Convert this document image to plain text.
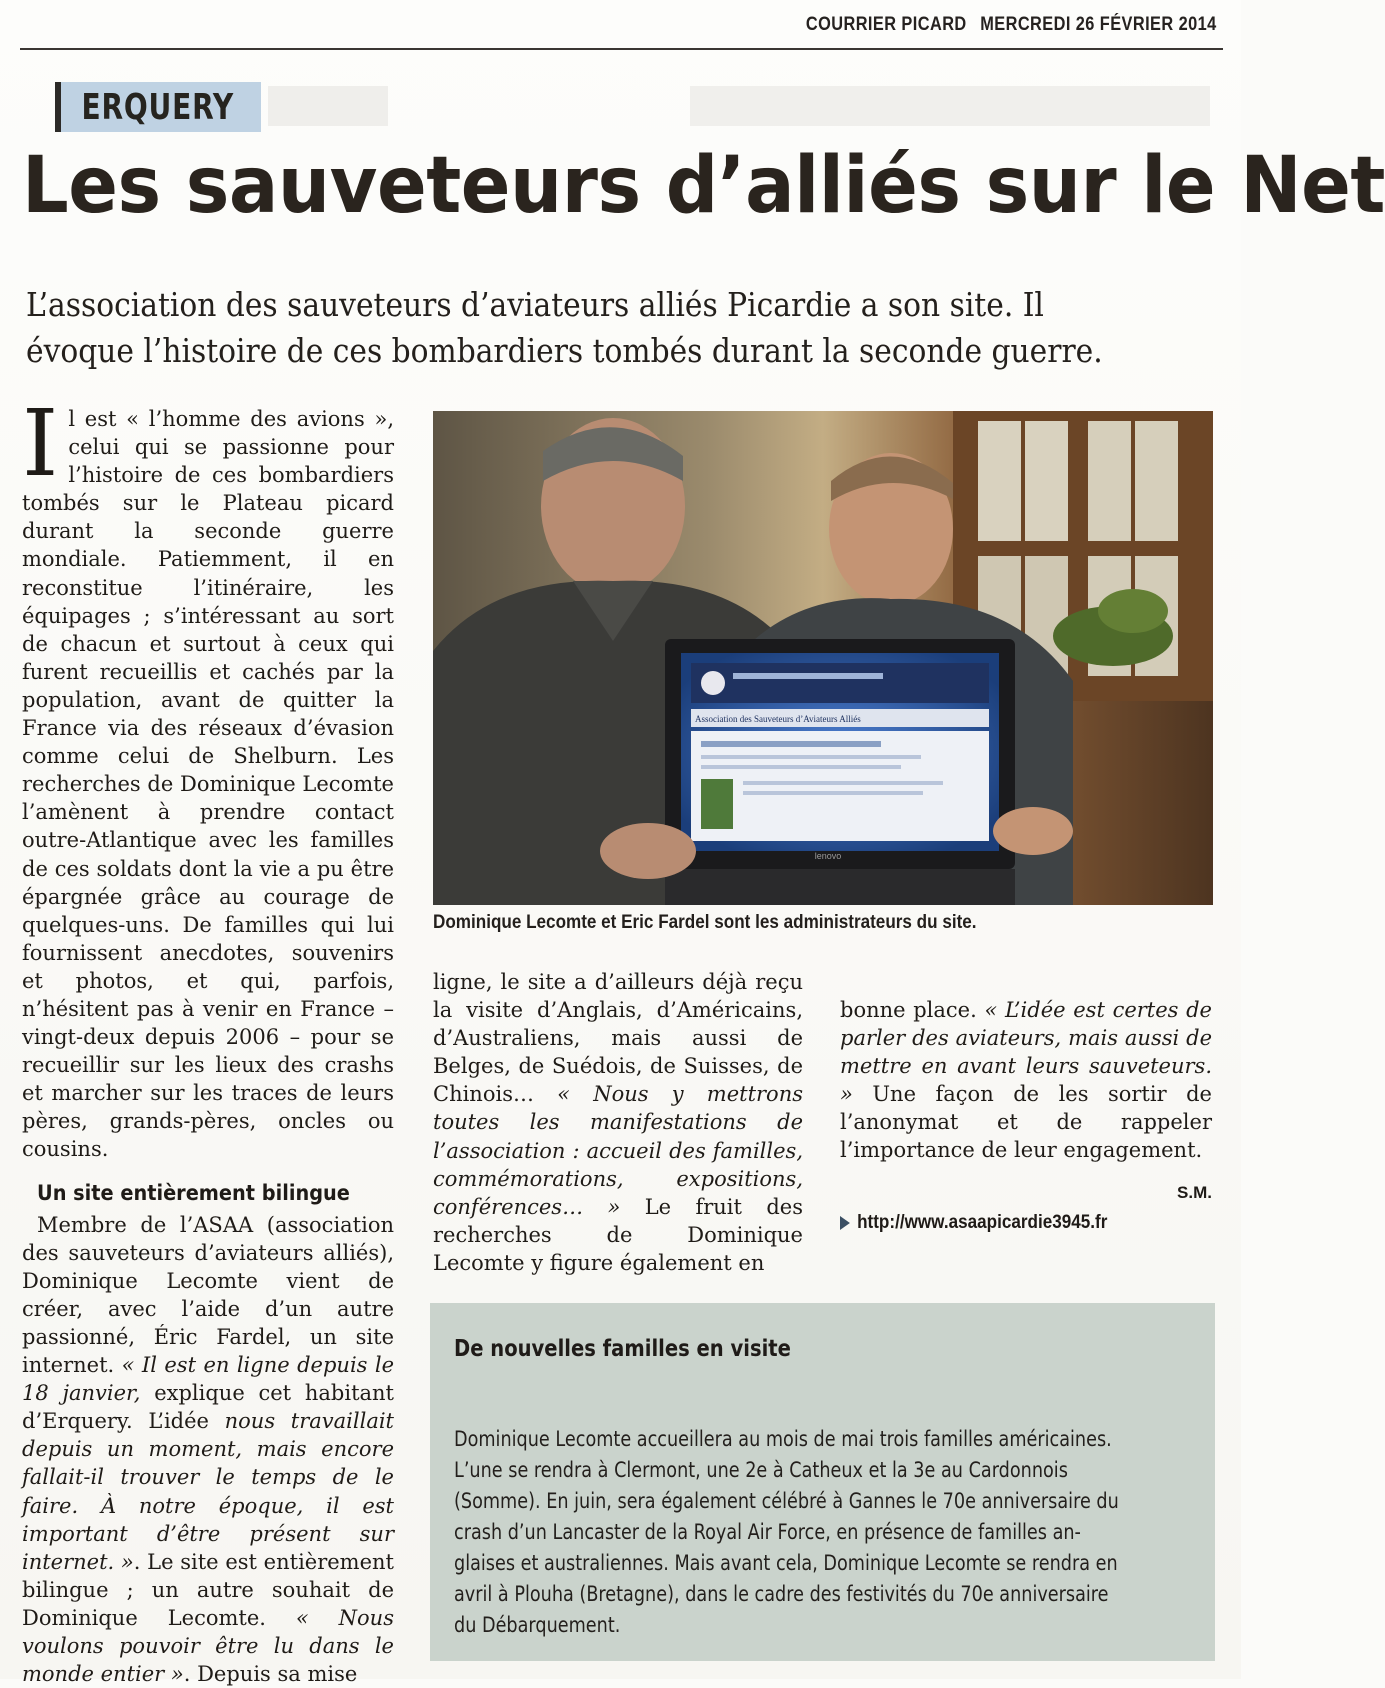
COURRIER PICARD MERCREDI 26 FÉVRIER 2014
ERQUERY
Les sauveteurs d’alliés sur le Net

L’association des sauveteurs d’aviateurs alliés Picardie a son site. Il

évoque l’histoire de ces bombardiers tombés durant la seconde guerre.

Il est « l’homme des avions », celui qui se passionne pour l’histoire de ces bombardiers tombés sur le Plateau picard durant la seconde guerre mondiale. Patiemment, il en reconstitue l’itinéraire, les équipages ; s’intéressant au sort de chacun et surtout à ceux qui furent recueillis et cachés par la population, avant de quitter la France via des réseaux d’évasion comme celui de Shelburn. Les recherches de Dominique Lecomte l’amènent à prendre contact outre-Atlantique avec les familles de ces soldats dont la vie a pu être épargnée grâce au courage de quelques-uns. De familles qui lui fournissent anecdotes, souvenirs et photos, et qui, parfois, n’hésitent pas à venir en France – vingt-deux depuis 2006 – pour se recueillir sur les lieux des crashs et marcher sur les traces de leurs pères, grands-pères, oncles ou cousins.

Un site entièrement bilingue

Membre de l’ASAA (association des sauveteurs d’aviateurs alliés), Dominique Lecomte vient de créer, avec l’aide d’un autre passionné, Éric Fardel, un site internet. « Il est en ligne depuis le 18 janvier, explique cet habitant d’Erquery. L’idée nous travaillait depuis un moment, mais encore fallait-il trouver le temps de le faire. À notre époque, il est important d’être présent sur internet. ». Le site est entièrement bilingue ; un autre souhait de Dominique Lecomte. « Nous voulons pouvoir être lu dans le monde entier ». Depuis sa mise

Association des Sauveteurs d’Aviateurs Alliés
lenovo
Dominique Lecomte et Eric Fardel sont les administrateurs du site.

ligne, le site a d’ailleurs déjà reçu la visite d’Anglais, d’Américains, d’Australiens, mais aussi de Belges, de Suédois, de Suisses, de Chinois… « Nous y mettrons toutes les manifestations de l’association : accueil des familles, commémorations, expositions, conférences… » Le fruit des recherches de Dominique Lecomte y figure également en

bonne place. « L’idée est certes de parler des aviateurs, mais aussi de mettre en avant leurs sauveteurs. » Une façon de les sortir de l’anonymat et de rappeler l’importance de leur engagement.

S.M.
http://www.asaapicardie3945.fr
De nouvelles familles en visite

Dominique Lecomte accueillera au mois de mai trois familles américaines.

L’une se rendra à Clermont, une 2e à Catheux et la 3e au Cardonnois

(Somme). En juin, sera également célébré à Gannes le 70e anniversaire du

crash d’un Lancaster de la Royal Air Force, en présence de familles an-

glaises et australiennes. Mais avant cela, Dominique Lecomte se rendra en

avril à Plouha (Bretagne), dans le cadre des festivités du 70e anniversaire

du Débarquement.
